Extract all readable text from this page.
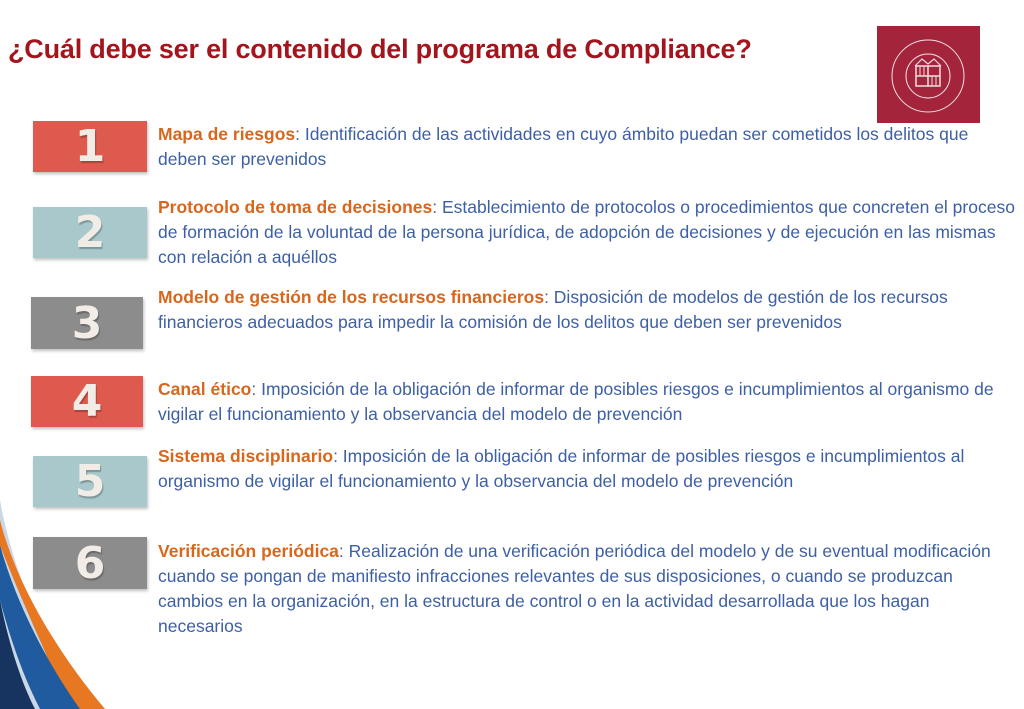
¿Cuál debe ser el contenido del programa de Compliance?
1	Mapa de riesgos: Identificación de las actividades en cuyo ámbito puedan ser cometidos los delitos que deben ser prevenidos
2	Protocolo de toma de decisiones: Establecimiento de protocolos o procedimientos que concreten el proceso de formación de la voluntad de la persona jurídica, de adopción de decisiones y de ejecución en las mismas con relación a aquéllos
3
Modelo de gestión de los recursos financieros: Disposición de modelos de gestión de los recursos financieros adecuados para impedir la comisión de los delitos que deben ser prevenidos
4	Canal ético: Imposición de la obligación de informar de posibles riesgos e incumplimientos al organismo de vigilar el funcionamiento y la observancia del modelo de prevención
5	Sistema disciplinario: Imposición de la obligación de informar de posibles riesgos e incumplimientos al organismo de vigilar el funcionamiento y la observancia del modelo de prevención
6	Verificación periódica: Realización de una verificación periódica del modelo y de su eventual modificación cuando se pongan de manifiesto infracciones relevantes de sus disposiciones, o cuando se produzcan cambios en la organización, en la estructura de control o en la actividad desarrollada que los hagan necesarios
